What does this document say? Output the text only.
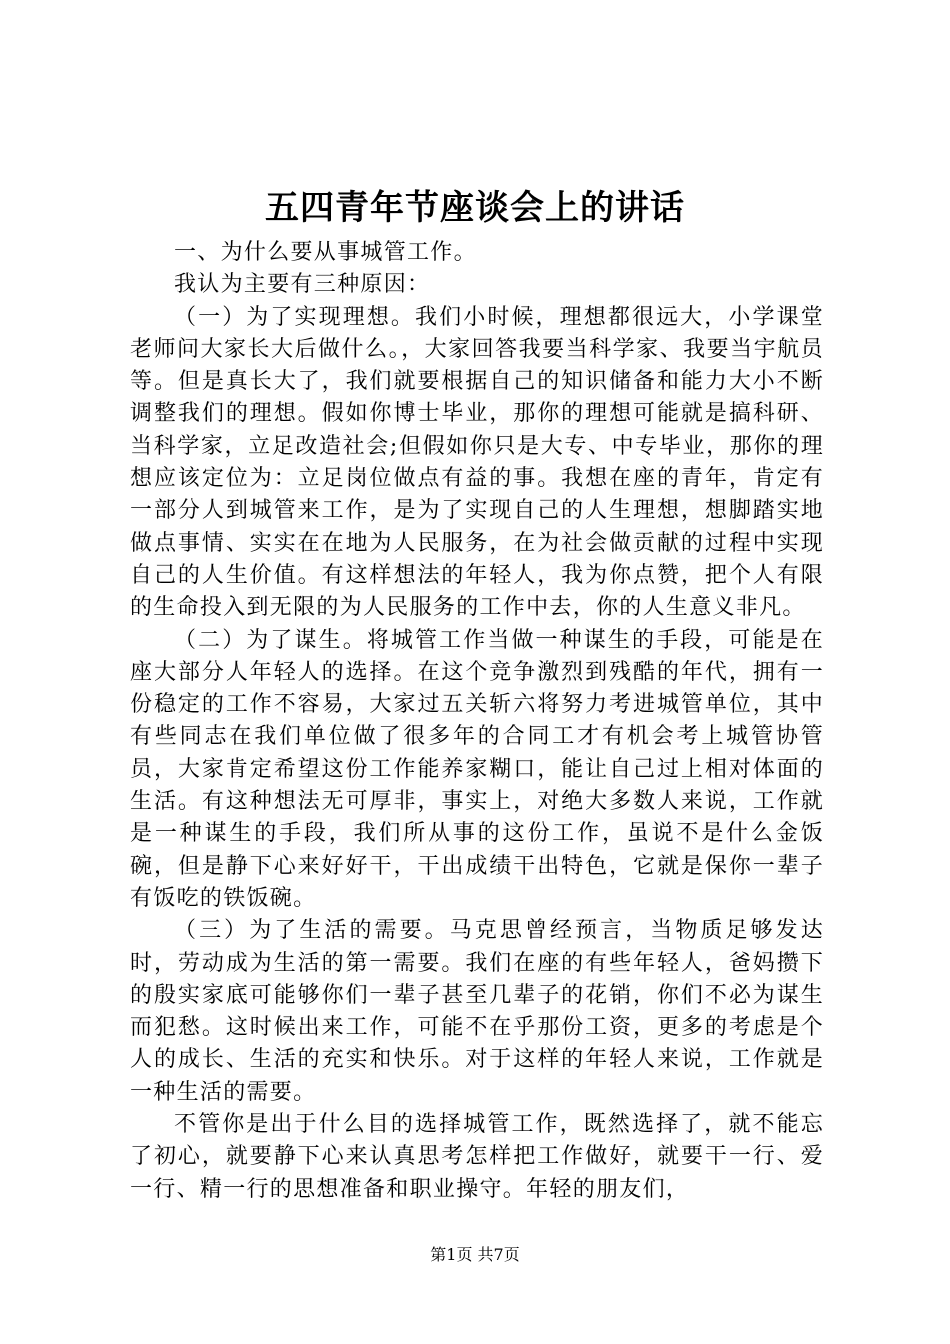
五四青年节座谈会上的讲话

一、为什么要从事城管工作。

我认为主要有三种原因：

（一）为了实现理想。我们小时候，理想都很远大，小学课堂老师问大家长大后做什么。，大家回答我要当科学家、我要当宇航员等。但是真长大了，我们就要根据自己的知识储备和能力大小不断调整我们的理想。假如你博士毕业，那你的理想可能就是搞科研、当科学家，立足改造社会;但假如你只是大专、中专毕业，那你的理想应该定位为：立足岗位做点有益的事。我想在座的青年，肯定有一部分人到城管来工作，是为了实现自己的人生理想，想脚踏实地做点事情、实实在在地为人民服务，在为社会做贡献的过程中实现自己的人生价值。有这样想法的年轻人，我为你点赞，把个人有限的生命投入到无限的为人民服务的工作中去，你的人生意义非凡。

（二）为了谋生。将城管工作当做一种谋生的手段，可能是在座大部分人年轻人的选择。在这个竞争激烈到残酷的年代，拥有一份稳定的工作不容易，大家过五关斩六将努力考进城管单位，其中有些同志在我们单位做了很多年的合同工才有机会考上城管协管员，大家肯定希望这份工作能养家糊口，能让自己过上相对体面的生活。有这种想法无可厚非，事实上，对绝大多数人来说，工作就是一种谋生的手段，我们所从事的这份工作，虽说不是什么金饭碗，但是静下心来好好干，干出成绩干出特色，它就是保你一辈子有饭吃的铁饭碗。

（三）为了生活的需要。马克思曾经预言，当物质足够发达时，劳动成为生活的第一需要。我们在座的有些年轻人，爸妈攒下的殷实家底可能够你们一辈子甚至几辈子的花销，你们不必为谋生而犯愁。这时候出来工作，可能不在乎那份工资，更多的考虑是个人的成长、生活的充实和快乐。对于这样的年轻人来说，工作就是一种生活的需要。

不管你是出于什么目的选择城管工作，既然选择了，就不能忘了初心，就要静下心来认真思考怎样把工作做好，就要干一行、爱一行、精一行的思想准备和职业操守。年轻的朋友们，

第1页 共7页
